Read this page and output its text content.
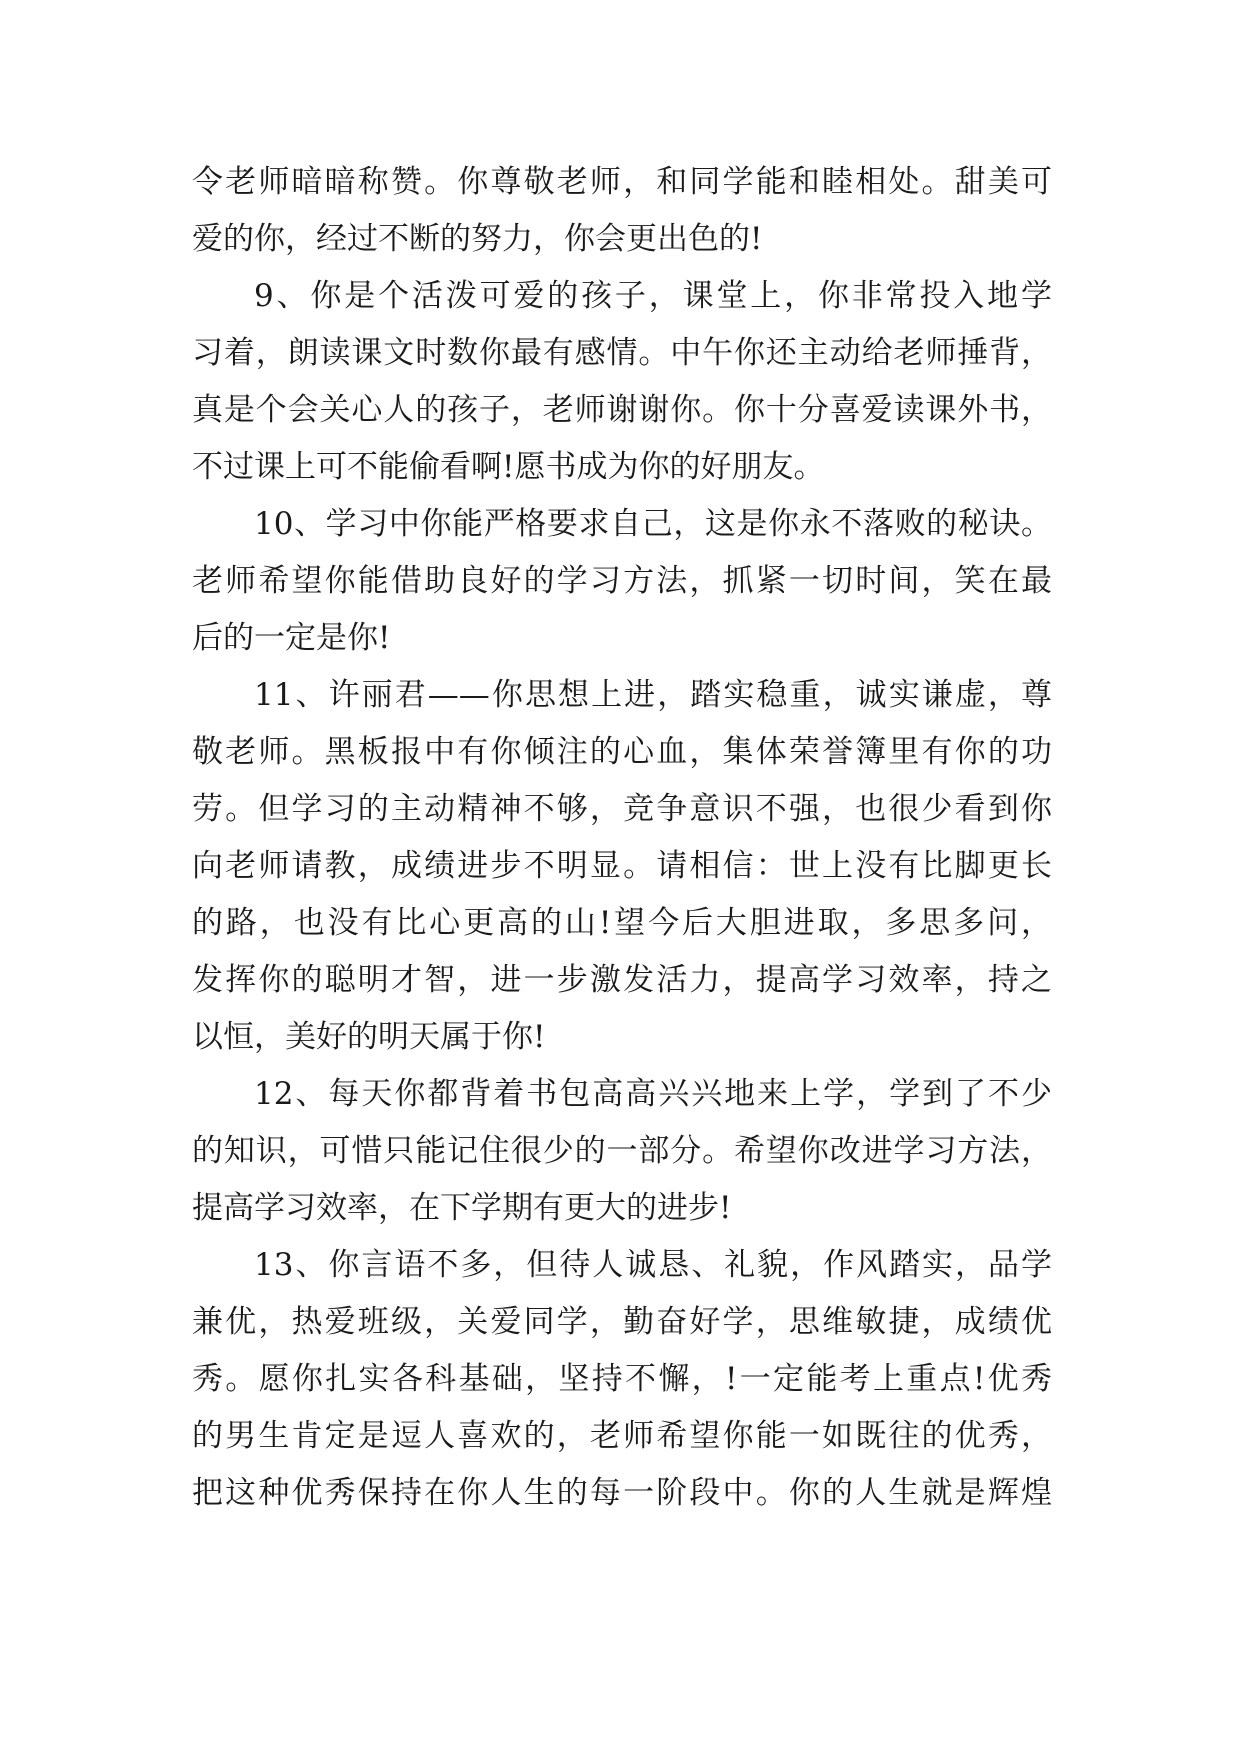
令老师暗暗称赞。你尊敬老师，和同学能和睦相处。甜美可
爱的你，经过不断的努力，你会更出色的!
9、你是个活泼可爱的孩子，课堂上，你非常投入地学
习着，朗读课文时数你最有感情。中午你还主动给老师捶背，
真是个会关心人的孩子，老师谢谢你。你十分喜爱读课外书，
不过课上可不能偷看啊!愿书成为你的好朋友。
10、学习中你能严格要求自己，这是你永不落败的秘诀。
老师希望你能借助良好的学习方法，抓紧一切时间，笑在最
后的一定是你!
11、许丽君——你思想上进，踏实稳重，诚实谦虚，尊
敬老师。黑板报中有你倾注的心血，集体荣誉簿里有你的功
劳。但学习的主动精神不够，竞争意识不强，也很少看到你
向老师请教，成绩进步不明显。请相信：世上没有比脚更长
的路，也没有比心更高的山!望今后大胆进取，多思多问，
发挥你的聪明才智，进一步激发活力，提高学习效率，持之
以恒，美好的明天属于你!
12、每天你都背着书包高高兴兴地来上学，学到了不少
的知识，可惜只能记住很少的一部分。希望你改进学习方法，
提高学习效率，在下学期有更大的进步!
13、你言语不多，但待人诚恳、礼貌，作风踏实，品学
兼优，热爱班级，关爱同学，勤奋好学，思维敏捷，成绩优
秀。愿你扎实各科基础，坚持不懈，!一定能考上重点!优秀
的男生肯定是逗人喜欢的，老师希望你能一如既往的优秀，
把这种优秀保持在你人生的每一阶段中。你的人生就是辉煌
